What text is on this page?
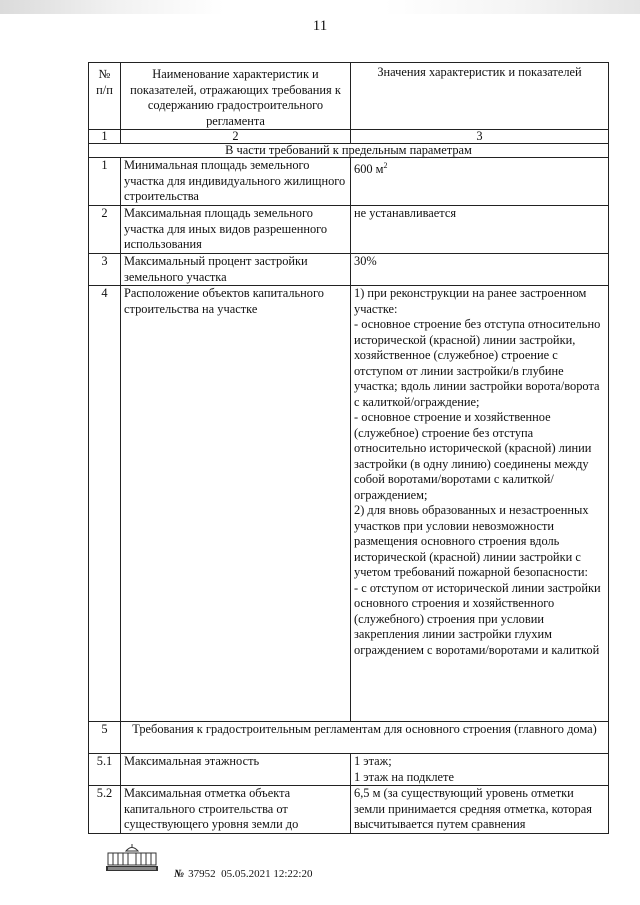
11
№
п/п	Наименование характеристик и показателей, отражающих требования к содержанию градостроительного регламента	Значения характеристик и показателей
1	2	3
В части требований к предельным параметрам		
1	Минимальная площадь земельного участка для индивидуального жилищного строительства	600 $м^2$
2	Максимальная площадь земельного участка для иных видов разрешенного использования	не устанавливается
3	Максимальный процент застройки земельного участка	30%
4	Расположение объектов капитального строительства на участке	1) при реконструкции на ранее застроенном участке:
- основное строение без отступа относительно исторической (красной) линии застройки, хозяйственное (служебное) строение с отступом от линии застройки/в глубине участка; вдоль линии застройки ворота/ворота с калиткой/ограждение;
- основное строение и хозяйственное (служебное) строение без отступа относительно исторической (красной) линии застройки (в одну линию) соединены между собой воротами/воротами с калиткой/ограждением;
2) для вновь образованных и незастроенных участков при условии невозможности размещения основного строения вдоль исторической (красной) линии застройки с учетом требований пожарной безопасности:
- с отступом от исторической линии застройки основного строения и хозяйственного (служебного) строения при условии закрепления линии застройки глухим ограждением с воротами/воротами и калиткой
5	Требования к градостроительным регламентам для основного строения (главного дома)	
5.1	Максимальная этажность	1 этаж;
1 этаж на подклете
5.2	Максимальная отметка объекта капитального строительства от существующего уровня земли до	6,5 м (за существующий уровень отметки земли принимается средняя отметка, которая высчитывается путем сравнения
№ 37952 05.05.2021 12:22:20
